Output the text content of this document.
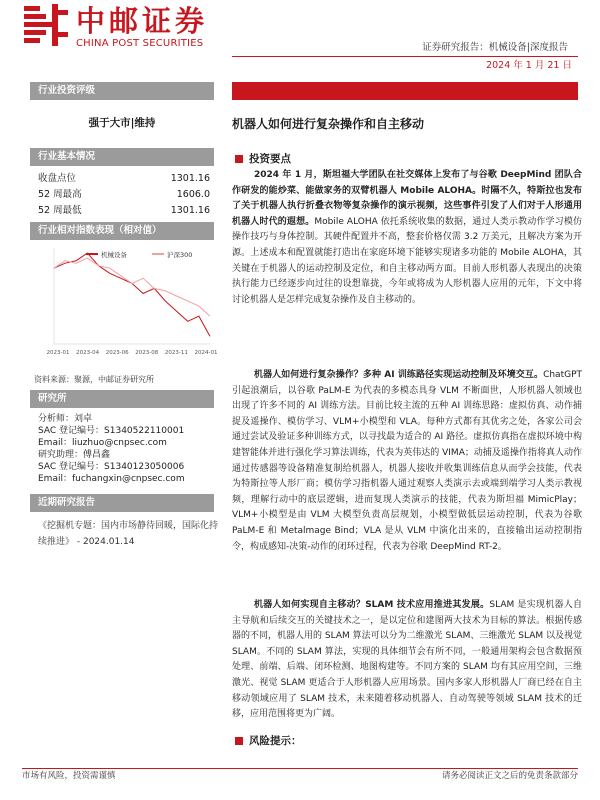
中邮证券
CHINA POST SECURITIES	证券研究报告：机械设备|深度报告
2024 年 1 月 21 日
行业投资评级
强于大市|维持
行业基本情况
收盘点位	1301.16
52 周最高	1606.0
52 周最低	1301.16
行业相对指数表现（相对值）
机械设备	沪深300
2023-01 2023-04 2023-06 2023-08 2023-11 2024-01
资料来源：聚源，中邮证券研究所
研究所
分析师：刘卓
SAC 登记编号：S1340522110001
Email：liuzhuo@cnpsec.com
研究助理：傅昌鑫
SAC 登记编号：S1340123050006
Email：fuchangxin@cnpsec.com
近期研究报告
《挖掘机专题：国内市场静待回暖，国际化持续推进》 - 2024.01.14
机器人如何进行复杂操作和自主移动
投资要点
2024 年 1 月，斯坦福大学团队在社交媒体上发布了与谷歌 DeepMind 团队合作研发的能炒菜、能做家务的双臂机器人 Mobile ALOHA。时隔不久，特斯拉也发布了关于机器人执行折叠衣物等复杂操作的演示视频，这些事件引发了人们对于人形通用机器人时代的遐想。Mobile ALOHA 依托系统收集的数据，通过人类示教动作学习模仿操作技巧与身体控制。其硬件配置并不高，整套价格仅需 3.2 万美元，且解决方案为开源。上述成本和配置就能打造出在家庭环境下能够实现诸多功能的 Mobile ALOHA，其关键在于机器人的运动控制及定位，和自主移动两方面。目前人形机器人表现出的决策执行能力已经逐步向过往的设想靠拢，今年或将成为人形机器人应用的元年，下文中将讨论机器人是怎样完成复杂操作及自主移动的。
机器人如何进行复杂操作？多种 AI 训练路径实现运动控制及环境交互。ChatGPT 引起浪潮后，以谷歌 PaLM-E 为代表的多模态具身 VLM 不断面世，人形机器人领域也出现了许多不同的 AI 训练方法。目前比较主流的五种 AI 训练思路：虚拟仿真、动作捕捉及遥操作、模仿学习、VLM+小模型和 VLA。每种方式都有其优劣之处，各家公司会通过尝试及验证多种训练方式，以寻找最为适合的 AI 路径。虚拟仿真指在虚拟环境中构建智能体并进行强化学习算法训练，代表为英伟达的 VIMA；动捕及遥操作指将真人动作通过传感器等设备精准复制给机器人，机器人接收并收集训练信息从而学会技能，代表为特斯拉等人形厂商；模仿学习指机器人通过观察人类演示去或端到端学习人类示教视频，理解行动中的底层逻辑，进而复现人类演示的技能，代表为斯坦福 MimicPlay；VLM+小模型是由 VLM 大模型负责高层规划，小模型做低层运动控制，代表为谷歌 PaLM-E 和 Metalmage Bind；VLA 是从 VLM 中演化出来的，直接输出运动控制指令，构成感知-决策-动作的闭环过程，代表为谷歌 DeepMind RT-2。
机器人如何实现自主移动？SLAM 技术应用推进其发展。SLAM 是实现机器人自主导航和后续交互的关键技术之一，是以定位和建图两大技术为目标的算法。根据传感器的不同，机器人用的 SLAM 算法可以分为二维激光 SLAM、三维激光 SLAM 以及视觉 SLAM。不同的 SLAM 算法，实现的具体细节会有所不同，一般通用架构会包含数据预处理、前端、后端、闭环检测、地图构建等。不同方案的 SLAM 均有其应用空间，三维激光、视觉 SLAM 更适合于人形机器人应用场景。国内多家人形机器人厂商已经在自主移动领域应用了 SLAM 技术，未来随着移动机器人、自动驾驶等领域 SLAM 技术的迁移，应用范围将更为广阔。
风险提示：
市场有风险，投资需谨慎	请务必阅读正文之后的免责条款部分
